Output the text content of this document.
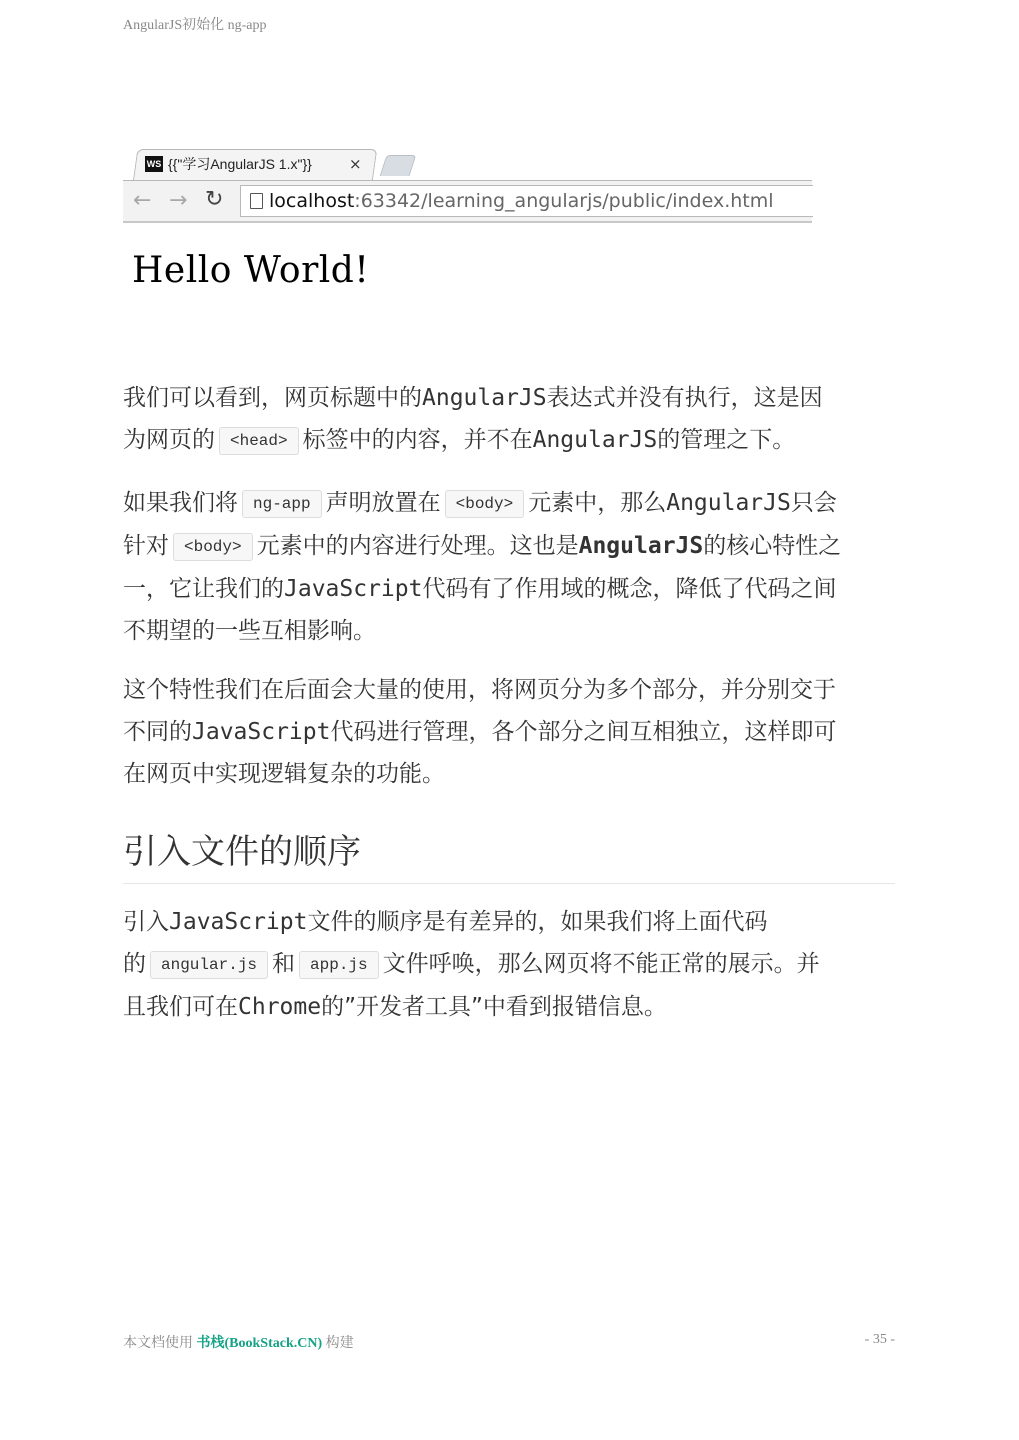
AngularJS初始化 ng-app
WS {{"学习AngularJS 1.x"}} ×
← → ↻ localhost :63342/learning_angularjs/public/index.html
Hello World!
我们可以看到，网页标题中的AngularJS表达式并没有执行，这是因
为网页的 <head> 标签中的内容，并不在AngularJS的管理之下。
如果我们将 ng-app 声明放置在 <body> 元素中，那么AngularJS只会
针对 <body> 元素中的内容进行处理。这也是AngularJS的核心特性之
一，它让我们的JavaScript代码有了作用域的概念，降低了代码之间
不期望的一些互相影响。
这个特性我们在后面会大量的使用，将网页分为多个部分，并分别交于
不同的JavaScript代码进行管理，各个部分之间互相独立，这样即可
在网页中实现逻辑复杂的功能。
引入文件的顺序
引入JavaScript文件的顺序是有差异的，如果我们将上面代码
的 angular.js 和 app.js 文件呼唤，那么网页将不能正常的展示。并
且我们可在Chrome的”开发者工具”中看到报错信息。
本文档使用 书栈(BookStack.CN) 构建	- 35 -
